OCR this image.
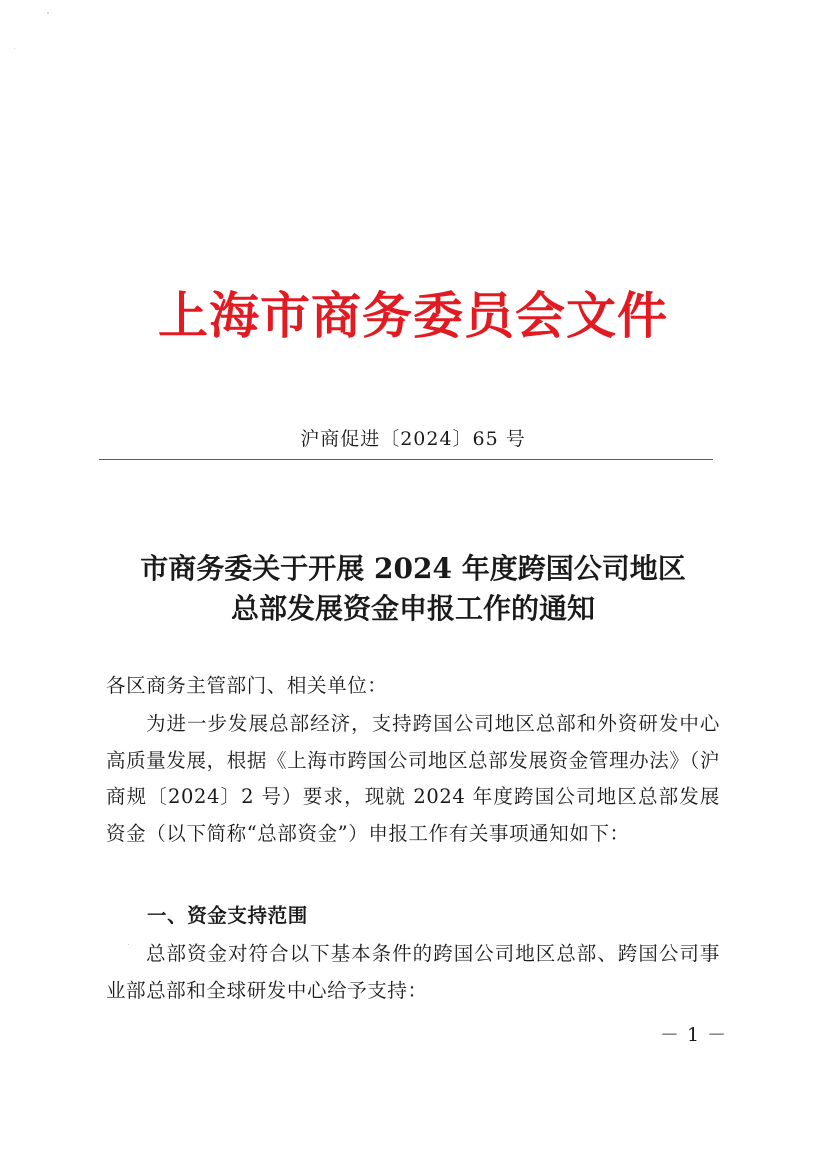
上海市商务委员会文件
沪商促进〔2024〕65 号
市商务委关于开展 2024 年度跨国公司地区
总部发展资金申报工作的通知
各区商务主管部门、相关单位：
为进一步发展总部经济，支持跨国公司地区总部和外资研发中心高质量发展，根据《上海市跨国公司地区总部发展资金管理办法》（沪商规〔2024〕2 号）要求，现就 2024 年度跨国公司地区总部发展资金（以下简称“总部资金”）申报工作有关事项通知如下：
一、资金支持范围
总部资金对符合以下基本条件的跨国公司地区总部、跨国公司事业部总部和全球研发中心给予支持：
－ 1 －
